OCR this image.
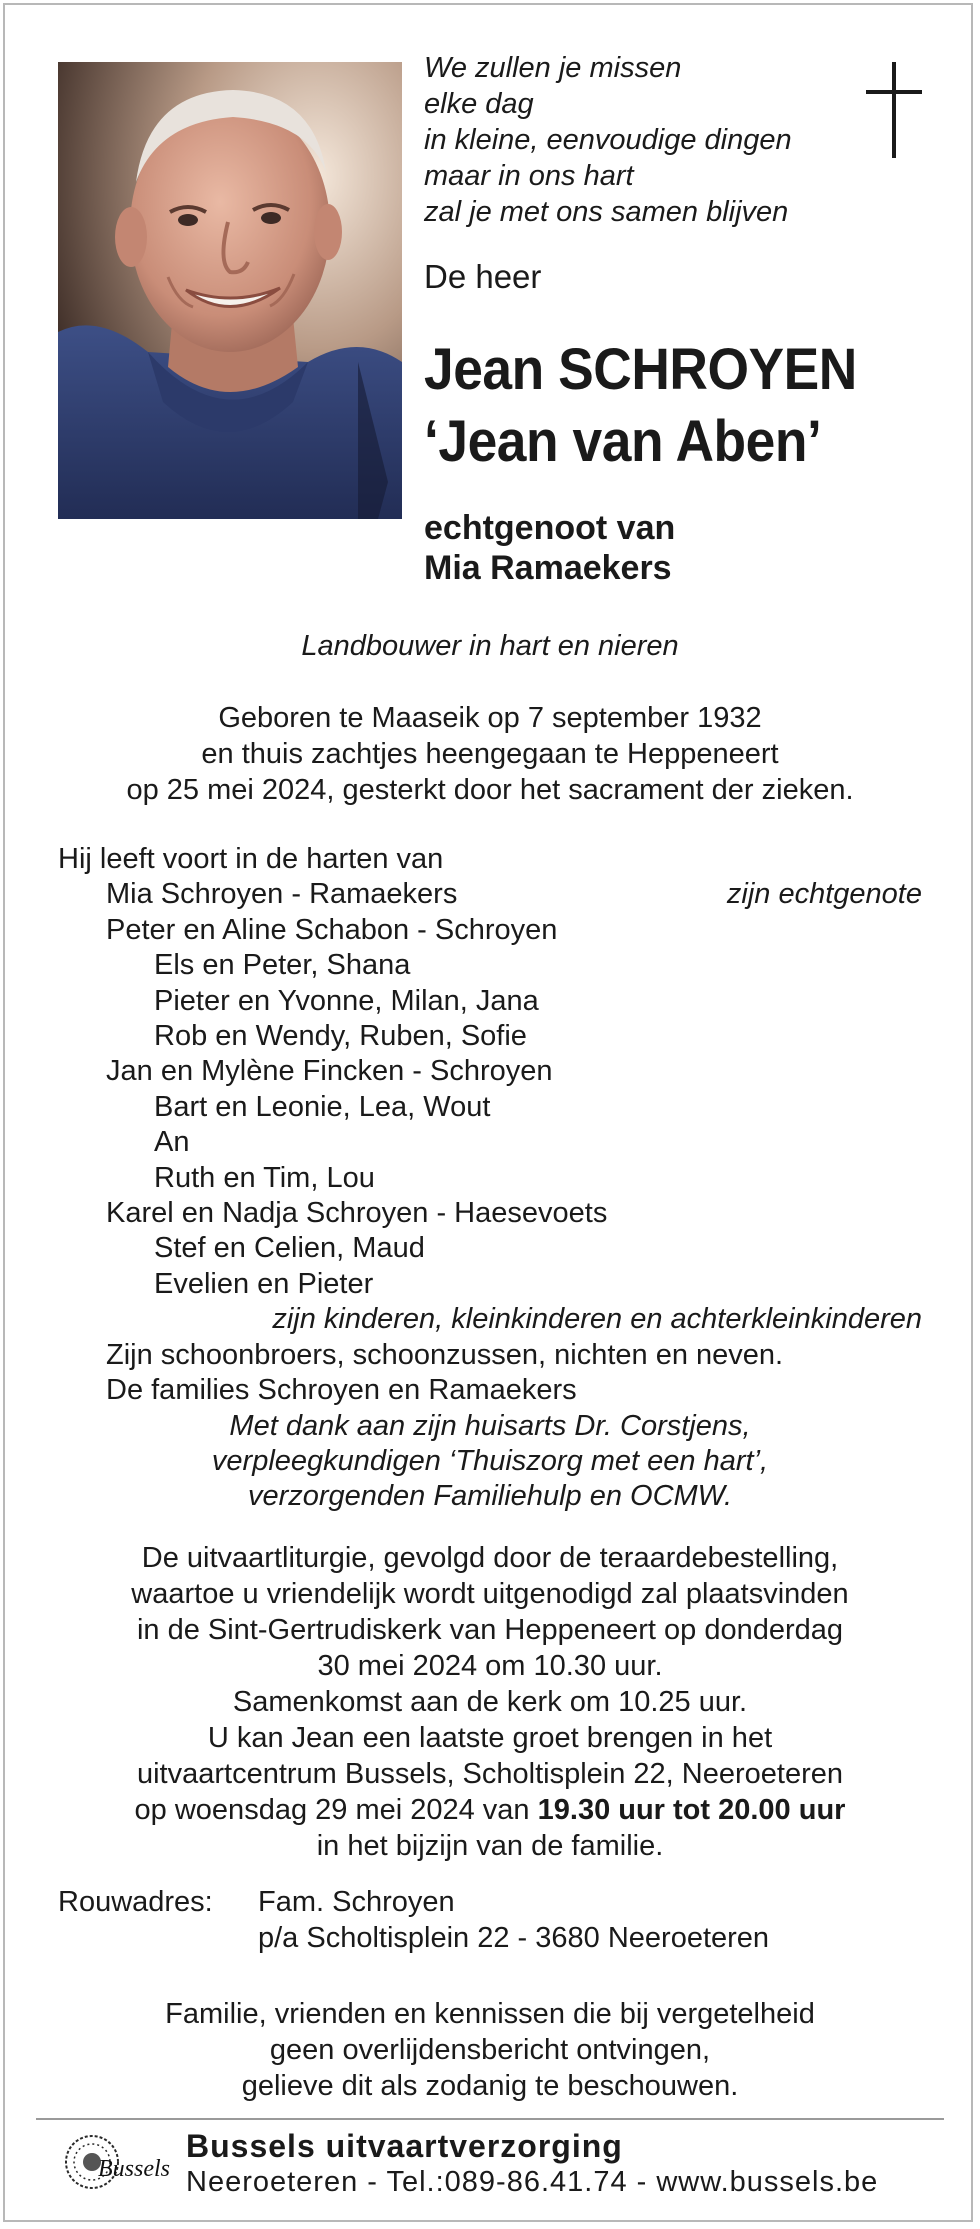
We zullen je missen
elke dag
in kleine, eenvoudige dingen
maar in ons hart
zal je met ons samen blijven
De heer
Jean SCHROYEN
‘Jean van Aben’
echtgenoot van
Mia Ramaekers
Landbouwer in hart en nieren
Geboren te Maaseik op 7 september 1932
en thuis zachtjes heengegaan te Heppeneert
op 25 mei 2024, gesterkt door het sacrament der zieken.
Hij leeft voort in de harten van
Mia Schroyen - Ramaekers	zijn echtgenote
Peter en Aline Schabon - Schroyen
Els en Peter, Shana
Pieter en Yvonne, Milan, Jana
Rob en Wendy, Ruben, Sofie
Jan en Mylène Fincken - Schroyen
Bart en Leonie, Lea, Wout
An
Ruth en Tim, Lou
Karel en Nadja Schroyen - Haesevoets
Stef en Celien, Maud
Evelien en Pieter
zijn kinderen, kleinkinderen en achterkleinkinderen
Zijn schoonbroers, schoonzussen, nichten en neven.
De families Schroyen en Ramaekers
Met dank aan zijn huisarts Dr. Corstjens,
verpleegkundigen ‘Thuiszorg met een hart’,
verzorgenden Familiehulp en OCMW.
De uitvaartliturgie, gevolgd door de teraardebestelling,
waartoe u vriendelijk wordt uitgenodigd zal plaatsvinden
in de Sint-Gertrudiskerk van Heppeneert op donderdag
30 mei 2024 om 10.30 uur.
Samenkomst aan de kerk om 10.25 uur.
U kan Jean een laatste groet brengen in het
uitvaartcentrum Bussels, Scholtisplein 22, Neeroeteren
op woensdag 29 mei 2024 van 19.30 uur tot 20.00 uur
in het bijzijn van de familie.
Rouwadres: Fam. Schroyen
p/a Scholtisplein 22 - 3680 Neeroeteren
Familie, vrienden en kennissen die bij vergetelheid
geen overlijdensbericht ontvingen,
gelieve dit als zodanig te beschouwen.
Bussels
Bussels uitvaartverzorging
Neeroeteren - Tel.:089-86.41.74 - www.bussels.be
